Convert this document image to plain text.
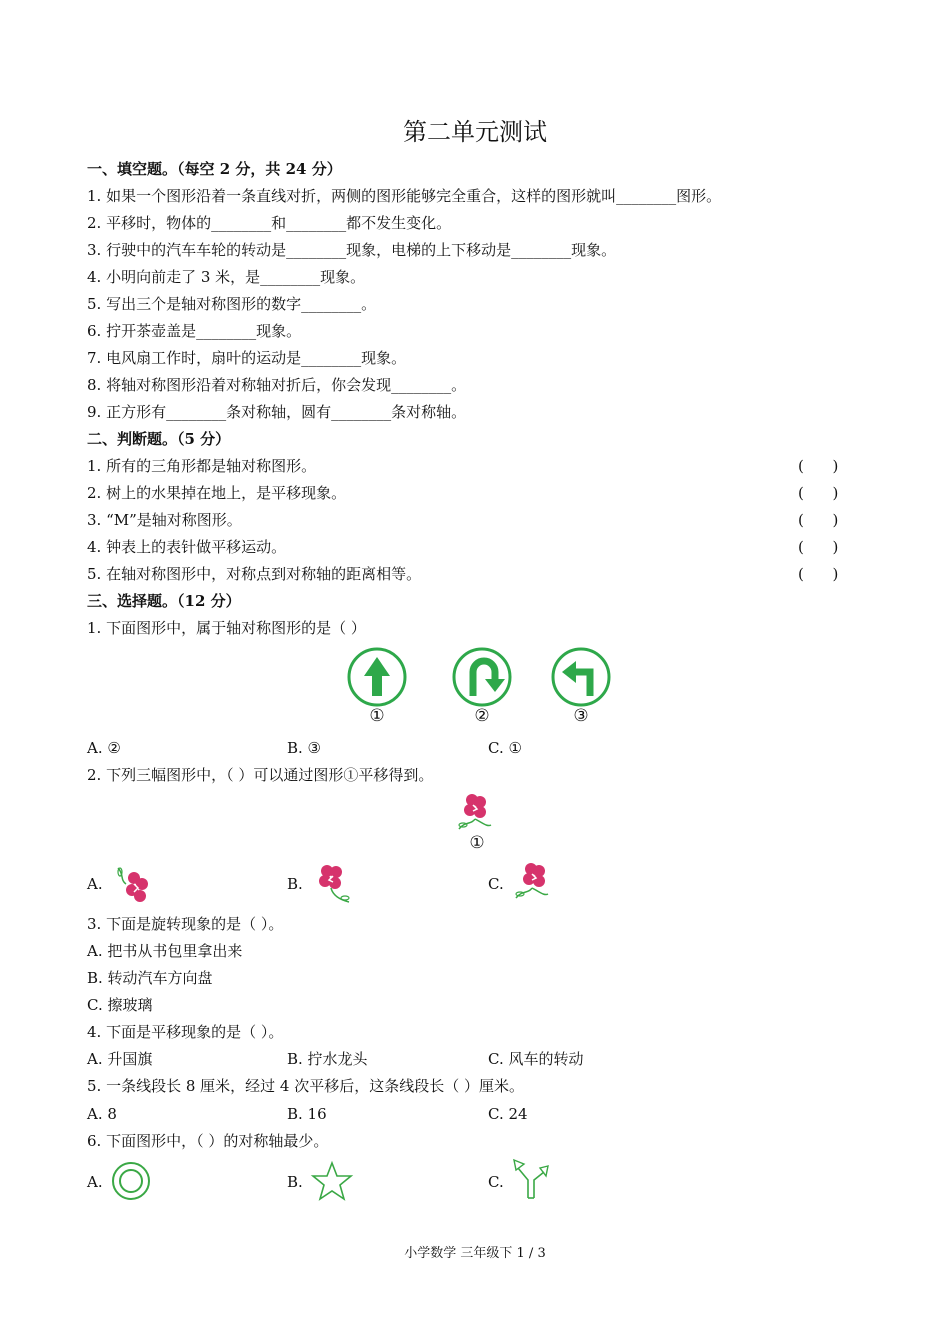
第二单元测试
一、填空题。（每空 2 分，共 24 分）
1. 如果一个图形沿着一条直线对折，两侧的图形能够完全重合，这样的图形就叫________图形。
2. 平移时，物体的________和________都不发生变化。
3. 行驶中的汽车车轮的转动是________现象，电梯的上下移动是________现象。
4. 小明向前走了 3 米，是________现象。
5. 写出三个是轴对称图形的数字________。
6. 拧开茶壶盖是________现象。
7. 电风扇工作时，扇叶的运动是________现象。
8. 将轴对称图形沿着对称轴对折后，你会发现________。
9. 正方形有________条对称轴，圆有________条对称轴。
二、判断题。（5 分）
1. 所有的三角形都是轴对称图形。	(      )
2. 树上的水果掉在地上，是平移现象。	(      )
3. “M”是轴对称图形。	(      )
4. 钟表上的表针做平移运动。	(      )
5. 在轴对称图形中，对称点到对称轴的距离相等。	(      )
三、选择题。（12 分）
1. 下面图形中，属于轴对称图形的是（ ）
①	②	③
A. ②	B. ③	C. ①
2. 下列三幅图形中，（ ）可以通过图形①平移得到。
①
A.	B.	C.
3. 下面是旋转现象的是（ ）。
A. 把书从书包里拿出来
B. 转动汽车方向盘
C. 擦玻璃
4. 下面是平移现象的是（ ）。
A. 升国旗	B. 拧水龙头	C. 风车的转动
5. 一条线段长 8 厘米，经过 4 次平移后，这条线段长（ ）厘米。
A. 8	B. 16	C. 24
6. 下面图形中，（ ）的对称轴最少。
A.	B.	C.
小学数学 三年级下 1 / 3
